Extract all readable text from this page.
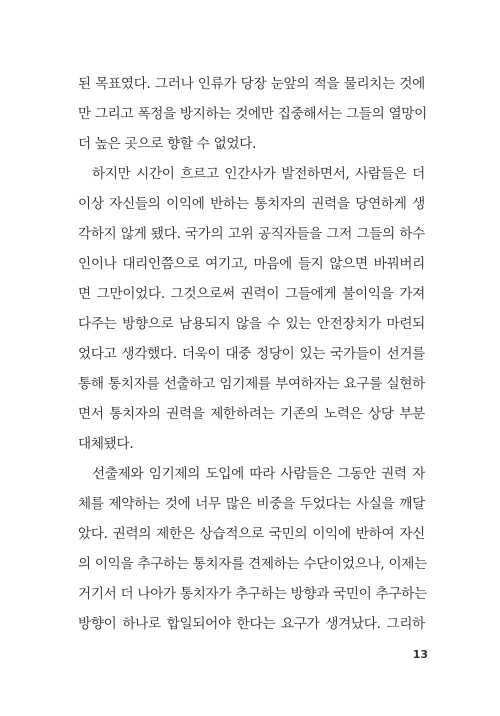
된 목표였다. 그러나 인류가 당장 눈앞의 적을 물리치는 것에
만 그리고 폭정을 방지하는 것에만 집중해서는 그들의 열망이
더 높은 곳으로 향할 수 없었다.
하지만 시간이 흐르고 인간사가 발전하면서, 사람들은 더
이상 자신들의 이익에 반하는 통치자의 권력을 당연하게 생
각하지 않게 됐다. 국가의 고위 공직자들을 그저 그들의 하수
인이나 대리인쯤으로 여기고, 마음에 들지 않으면 바꿔버리
면 그만이었다. 그것으로써 권력이 그들에게 불이익을 가져
다주는 방향으로 남용되지 않을 수 있는 안전장치가 마련되
었다고 생각했다. 더욱이 대중 정당이 있는 국가들이 선거를
통해 통치자를 선출하고 임기제를 부여하자는 요구를 실현하
면서 통치자의 권력을 제한하려는 기존의 노력은 상당 부분
대체됐다.
선출제와 임기제의 도입에 따라 사람들은 그동안 권력 자
체를 제약하는 것에 너무 많은 비중을 두었다는 사실을 깨달
았다. 권력의 제한은 상습적으로 국민의 이익에 반하여 자신
의 이익을 추구하는 통치자를 견제하는 수단이었으나, 이제는
거기서 더 나아가 통치자가 추구하는 방향과 국민이 추구하는
방향이 하나로 합일되어야 한다는 요구가 생겨났다. 그리하
13
